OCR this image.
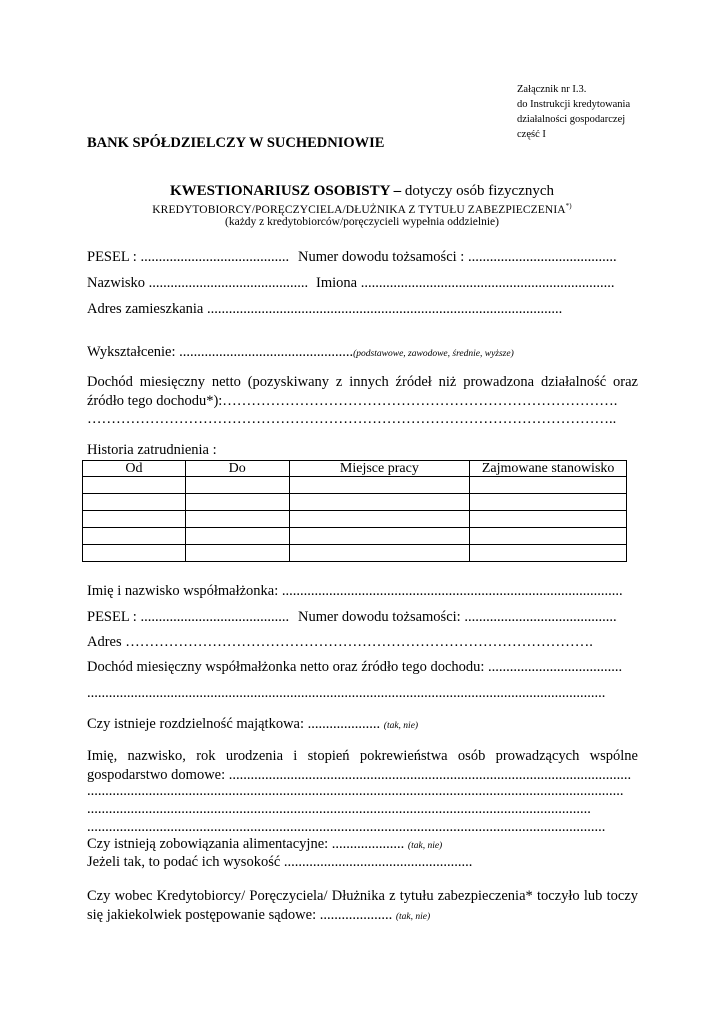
Załącznik nr I.3.
do Instrukcji kredytowania
działalności gospodarczej
część I
BANK SPÓŁDZIELCZY W SUCHEDNIOWIE
KWESTIONARIUSZ OSOBISTY – dotyczy osób fizycznych
KREDYTOBIORCY/PORĘCZYCIELA/DŁUŻNIKA Z TYTUŁU ZABEZPIECZENIA*)
(każdy z kredytobiorców/poręczycieli wypełnia oddzielnie)
PESEL : ......................................... Numer dowodu tożsamości : .........................................
Nazwisko ............................................ Imiona ......................................................................
Adres zamieszkania ..................................................................................................
Wykształcenie: ................................................(podstawowe, zawodowe, średnie, wyższe)
Dochód miesięczny netto (pozyskiwany z innych źródeł niż prowadzona działalność oraz źródło tego dochodu*):……………………………………………………………………….
………………………………………………………………………………………………..
Historia zatrudnienia :
Od	Do	Miejsce pracy	Zajmowane stanowisko

Imię i nazwisko współmałżonka: ..............................................................................................
PESEL : ......................................... Numer dowodu tożsamości: ..........................................
Adres …………………………………………………………………………………….
Dochód miesięczny współmałżonka netto oraz źródło tego dochodu: .....................................
...............................................................................................................................................
Czy istnieje rozdzielność majątkowa: .................... (tak, nie)
Imię, nazwisko, rok urodzenia i stopień pokrewieństwa osób prowadzących wspólne gospodarstwo domowe: ...............................................................................................................
....................................................................................................................................................
...........................................................................................................................................
...............................................................................................................................................
Czy istnieją zobowiązania alimentacyjne: .................... (tak, nie)
Jeżeli tak, to podać ich wysokość ....................................................
Czy wobec Kredytobiorcy/ Poręczyciela/ Dłużnika z tytułu zabezpieczenia* toczyło lub toczy się jakiekolwiek postępowanie sądowe: .................... (tak, nie)
